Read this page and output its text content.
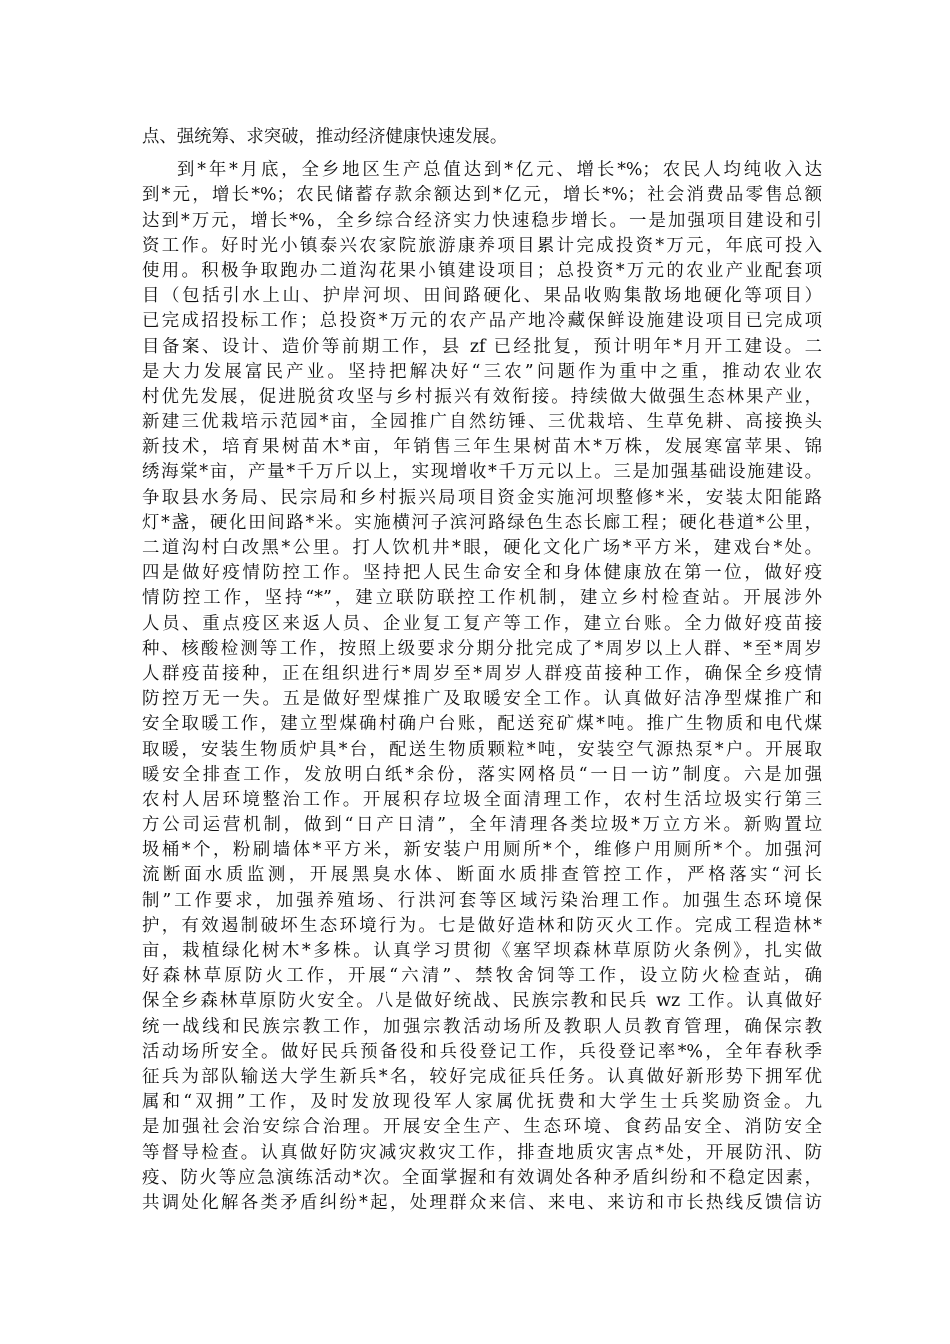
点、强统筹、求突破，推动经济健康快速发展。
到*年*月底，全乡地区生产总值达到*亿元、增长*%；农民人均纯收入达
到*元，增长*%；农民储蓄存款余额达到*亿元，增长*%；社会消费品零售总额
达到*万元，增长*%，全乡综合经济实力快速稳步增长。一是加强项目建设和引
资工作。好时光小镇泰兴农家院旅游康养项目累计完成投资*万元，年底可投入
使用。积极争取跑办二道沟花果小镇建设项目；总投资*万元的农业产业配套项
目（包括引水上山、护岸河坝、田间路硬化、果品收购集散场地硬化等项目）
已完成招投标工作；总投资*万元的农产品产地冷藏保鲜设施建设项目已完成项
目备案、设计、造价等前期工作，县 zf 已经批复，预计明年*月开工建设。二
是大力发展富民产业。坚持把解决好“三农”问题作为重中之重，推动农业农
村优先发展，促进脱贫攻坚与乡村振兴有效衔接。持续做大做强生态林果产业，
新建三优栽培示范园*亩，全园推广自然纺锤、三优栽培、生草免耕、高接换头
新技术，培育果树苗木*亩，年销售三年生果树苗木*万株，发展寒富苹果、锦
绣海棠*亩，产量*千万斤以上，实现增收*千万元以上。三是加强基础设施建设。
争取县水务局、民宗局和乡村振兴局项目资金实施河坝整修*米，安装太阳能路
灯*盏，硬化田间路*米。实施横河子滨河路绿色生态长廊工程；硬化巷道*公里，
二道沟村白改黑*公里。打人饮机井*眼，硬化文化广场*平方米，建戏台*处。
四是做好疫情防控工作。坚持把人民生命安全和身体健康放在第一位，做好疫
情防控工作，坚持“*”，建立联防联控工作机制，建立乡村检查站。开展涉外
人员、重点疫区来返人员、企业复工复产等工作，建立台账。全力做好疫苗接
种、核酸检测等工作，按照上级要求分期分批完成了*周岁以上人群、*至*周岁
人群疫苗接种，正在组织进行*周岁至*周岁人群疫苗接种工作，确保全乡疫情
防控万无一失。五是做好型煤推广及取暖安全工作。认真做好洁净型煤推广和
安全取暖工作，建立型煤确村确户台账，配送兖矿煤*吨。推广生物质和电代煤
取暖，安装生物质炉具*台，配送生物质颗粒*吨，安装空气源热泵*户。开展取
暖安全排查工作，发放明白纸*余份，落实网格员“一日一访”制度。六是加强
农村人居环境整治工作。开展积存垃圾全面清理工作，农村生活垃圾实行第三
方公司运营机制，做到“日产日清”，全年清理各类垃圾*万立方米。新购置垃
圾桶*个，粉刷墙体*平方米，新安装户用厕所*个，维修户用厕所*个。加强河
流断面水质监测，开展黑臭水体、断面水质排查管控工作，严格落实“河长
制”工作要求，加强养殖场、行洪河套等区域污染治理工作。加强生态环境保
护，有效遏制破坏生态环境行为。七是做好造林和防灭火工作。完成工程造林*
亩，栽植绿化树木*多株。认真学习贯彻《塞罕坝森林草原防火条例》，扎实做
好森林草原防火工作，开展“六清”、禁牧舍饲等工作，设立防火检查站，确
保全乡森林草原防火安全。八是做好统战、民族宗教和民兵 wz 工作。认真做好
统一战线和民族宗教工作，加强宗教活动场所及教职人员教育管理，确保宗教
活动场所安全。做好民兵预备役和兵役登记工作，兵役登记率*%，全年春秋季
征兵为部队输送大学生新兵*名，较好完成征兵任务。认真做好新形势下拥军优
属和“双拥”工作，及时发放现役军人家属优抚费和大学生士兵奖励资金。九
是加强社会治安综合治理。开展安全生产、生态环境、食药品安全、消防安全
等督导检查。认真做好防灾减灾救灾工作，排查地质灾害点*处，开展防汛、防
疫、防火等应急演练活动*次。全面掌握和有效调处各种矛盾纠纷和不稳定因素，
共调处化解各类矛盾纠纷*起，处理群众来信、来电、来访和市长热线反馈信访
